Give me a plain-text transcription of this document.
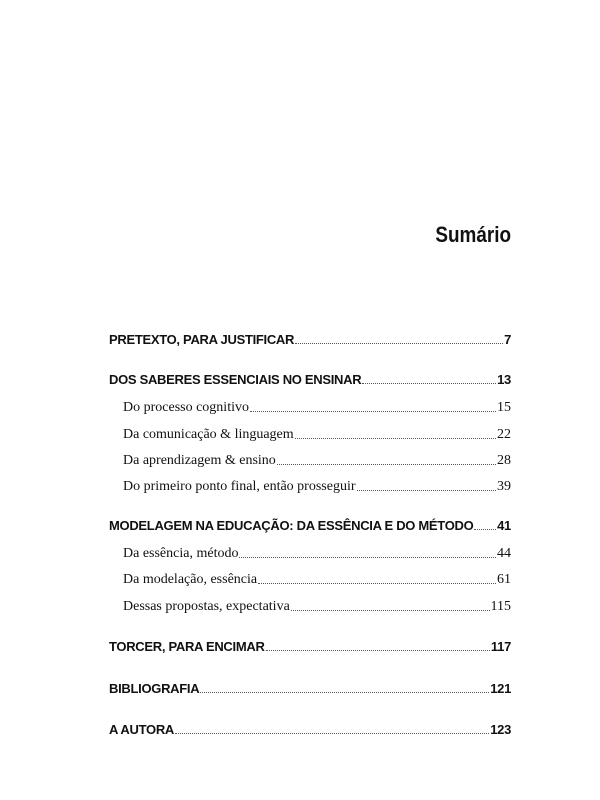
Sumário
PRETEXTO, PARA JUSTIFICAR	7
DOS SABERES ESSENCIAIS NO ENSINAR	13
Do processo cognitivo	15
Da comunicação & linguagem	22
Da aprendizagem & ensino	28
Do primeiro ponto final, então prosseguir	39
MODELAGEM NA EDUCAÇÃO: DA ESSÊNCIA E DO MÉTODO 41
Da essência, método	44
Da modelação, essência	61
Dessas propostas, expectativa	115
TORCER, PARA ENCIMAR	117
BIBLIOGRAFIA	121
A AUTORA	123
